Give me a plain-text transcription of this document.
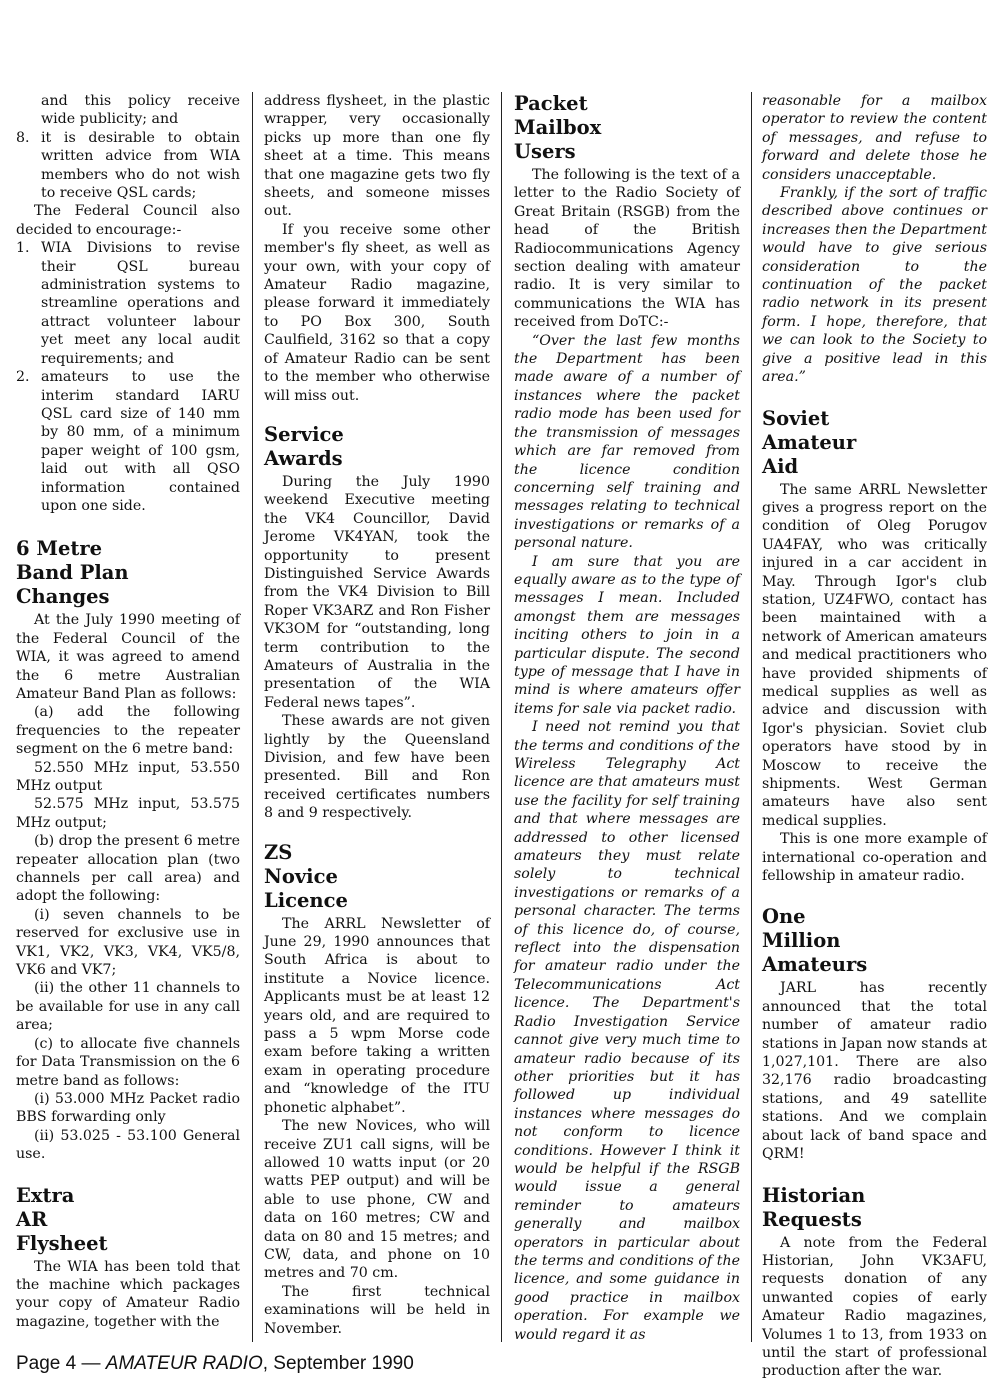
and this policy receive wide publicity; and
8. it is desirable to obtain written advice from WIA members who do not wish to receive QSL cards;

The Federal Council also decided to encourage:-

1. WIA Divisions to revise their QSL bureau administration systems to streamline operations and attract volunteer labour yet meet any local audit requirements; and
2. amateurs to use the interim standard IARU QSL card size of 140 mm by 80 mm, of a minimum paper weight of 100 gsm, laid out with all QSO information contained upon one side.
6 Metre
Band Plan
Changes

At the July 1990 meeting of the Federal Council of the WIA, it was agreed to amend the 6 metre Australian Amateur Band Plan as follows:

(a) add the following frequencies to the repeater segment on the 6 metre band:

52.550 MHz input, 53.550 MHz output

52.575 MHz input, 53.575 MHz output;

(b) drop the present 6 metre repeater allocation plan (two channels per call area) and adopt the following:

(i) seven channels to be reserved for exclusive use in VK1, VK2, VK3, VK4, VK5/8, VK6 and VK7;

(ii) the other 11 channels to be available for use in any call area;

(c) to allocate five channels for Data Transmission on the 6 metre band as follows:

(i) 53.000 MHz Packet radio BBS forwarding only

(ii) 53.025 - 53.100 General use.

Extra
AR
Flysheet

The WIA has been told that the machine which packages your copy of Amateur Radio magazine, together with the

address flysheet, in the plastic wrapper, very occasionally picks up more than one fly sheet at a time. This means that one magazine gets two fly sheets, and someone misses out.

If you receive some other member's fly sheet, as well as your own, with your copy of Amateur Radio magazine, please forward it immediately to PO Box 300, South Caulfield, 3162 so that a copy of Amateur Radio can be sent to the member who otherwise will miss out.

Service
Awards

During the July 1990 weekend Executive meeting the VK4 Councillor, David Jerome VK4YAN, took the opportunity to present Distinguished Service Awards from the VK4 Division to Bill Roper VK3ARZ and Ron Fisher VK3OM for “outstanding, long term contribution to the Amateurs of Australia in the presentation of the WIA Federal news tapes”.

These awards are not given lightly by the Queensland Division, and few have been presented. Bill and Ron received certificates numbers 8 and 9 respectively.

ZS
Novice
Licence

The ARRL Newsletter of June 29, 1990 announces that South Africa is about to institute a Novice licence. Applicants must be at least 12 years old, and are required to pass a 5 wpm Morse code exam before taking a written exam in operating procedure and “knowledge of the ITU phonetic alphabet”.

The new Novices, who will receive ZU1 call signs, will be allowed 10 watts input (or 20 watts PEP output) and will be able to use phone, CW and data on 160 metres; CW and data on 80 and 15 metres; and CW, data, and phone on 10 metres and 70 cm.

The first technical examinations will be held in November.

Packet
Mailbox
Users

The following is the text of a letter to the Radio Society of Great Britain (RSGB) from the head of the British Radiocommunications Agency section dealing with amateur radio. It is very similar to communications the WIA has received from DoTC:-

“Over the last few months the Department has been made aware of a number of instances where the packet radio mode has been used for the transmission of messages which are far removed from the licence condition concerning self training and messages relating to technical investigations or remarks of a personal nature.

I am sure that you are equally aware as to the type of messages I mean. Included amongst them are messages inciting others to join in a particular dispute. The second type of message that I have in mind is where amateurs offer items for sale via packet radio.

I need not remind you that the terms and conditions of the Wireless Telegraphy Act licence are that amateurs must use the facility for self training and that where messages are addressed to other licensed amateurs they must relate solely to technical investigations or remarks of a personal character. The terms of this licence do, of course, reflect into the dispensation for amateur radio under the Telecommunications Act licence. The Department's Radio Investigation Service cannot give very much time to amateur radio because of its other priorities but it has followed up individual instances where messages do not conform to licence conditions. However I think it would be helpful if the RSGB would issue a general reminder to amateurs generally and mailbox operators in particular about the terms and conditions of the licence, and some guidance in good practice in mailbox operation. For example we would regard it as

reasonable for a mailbox operator to review the content of messages, and refuse to forward and delete those he considers unacceptable.

Frankly, if the sort of traffic described above continues or increases then the Department would have to give serious consideration to the continuation of the packet radio network in its present form. I hope, therefore, that we can look to the Society to give a positive lead in this area.”

Soviet
Amateur
Aid

The same ARRL Newsletter gives a progress report on the condition of Oleg Porugov UA4FAY, who was critically injured in a car accident in May. Through Igor's club station, UZ4FWO, contact has been maintained with a network of American amateurs and medical practitioners who have provided shipments of medical supplies as well as advice and discussion with Igor's physician. Soviet club operators have stood by in Moscow to receive the shipments. West German amateurs have also sent medical supplies.

This is one more example of international co-operation and fellowship in amateur radio.

One
Million
Amateurs

JARL has recently announced that the total number of amateur radio stations in Japan now stands at 1,027,101. There are also 32,176 radio broadcasting stations, and 49 satellite stations. And we complain about lack of band space and QRM!

Historian
Requests

A note from the Federal Historian, John VK3AFU, requests donation of any unwanted copies of early Amateur Radio magazines, Volumes 1 to 13, from 1933 on until the start of professional production after the war.

Page 4 — AMATEUR RADIO, September 1990
